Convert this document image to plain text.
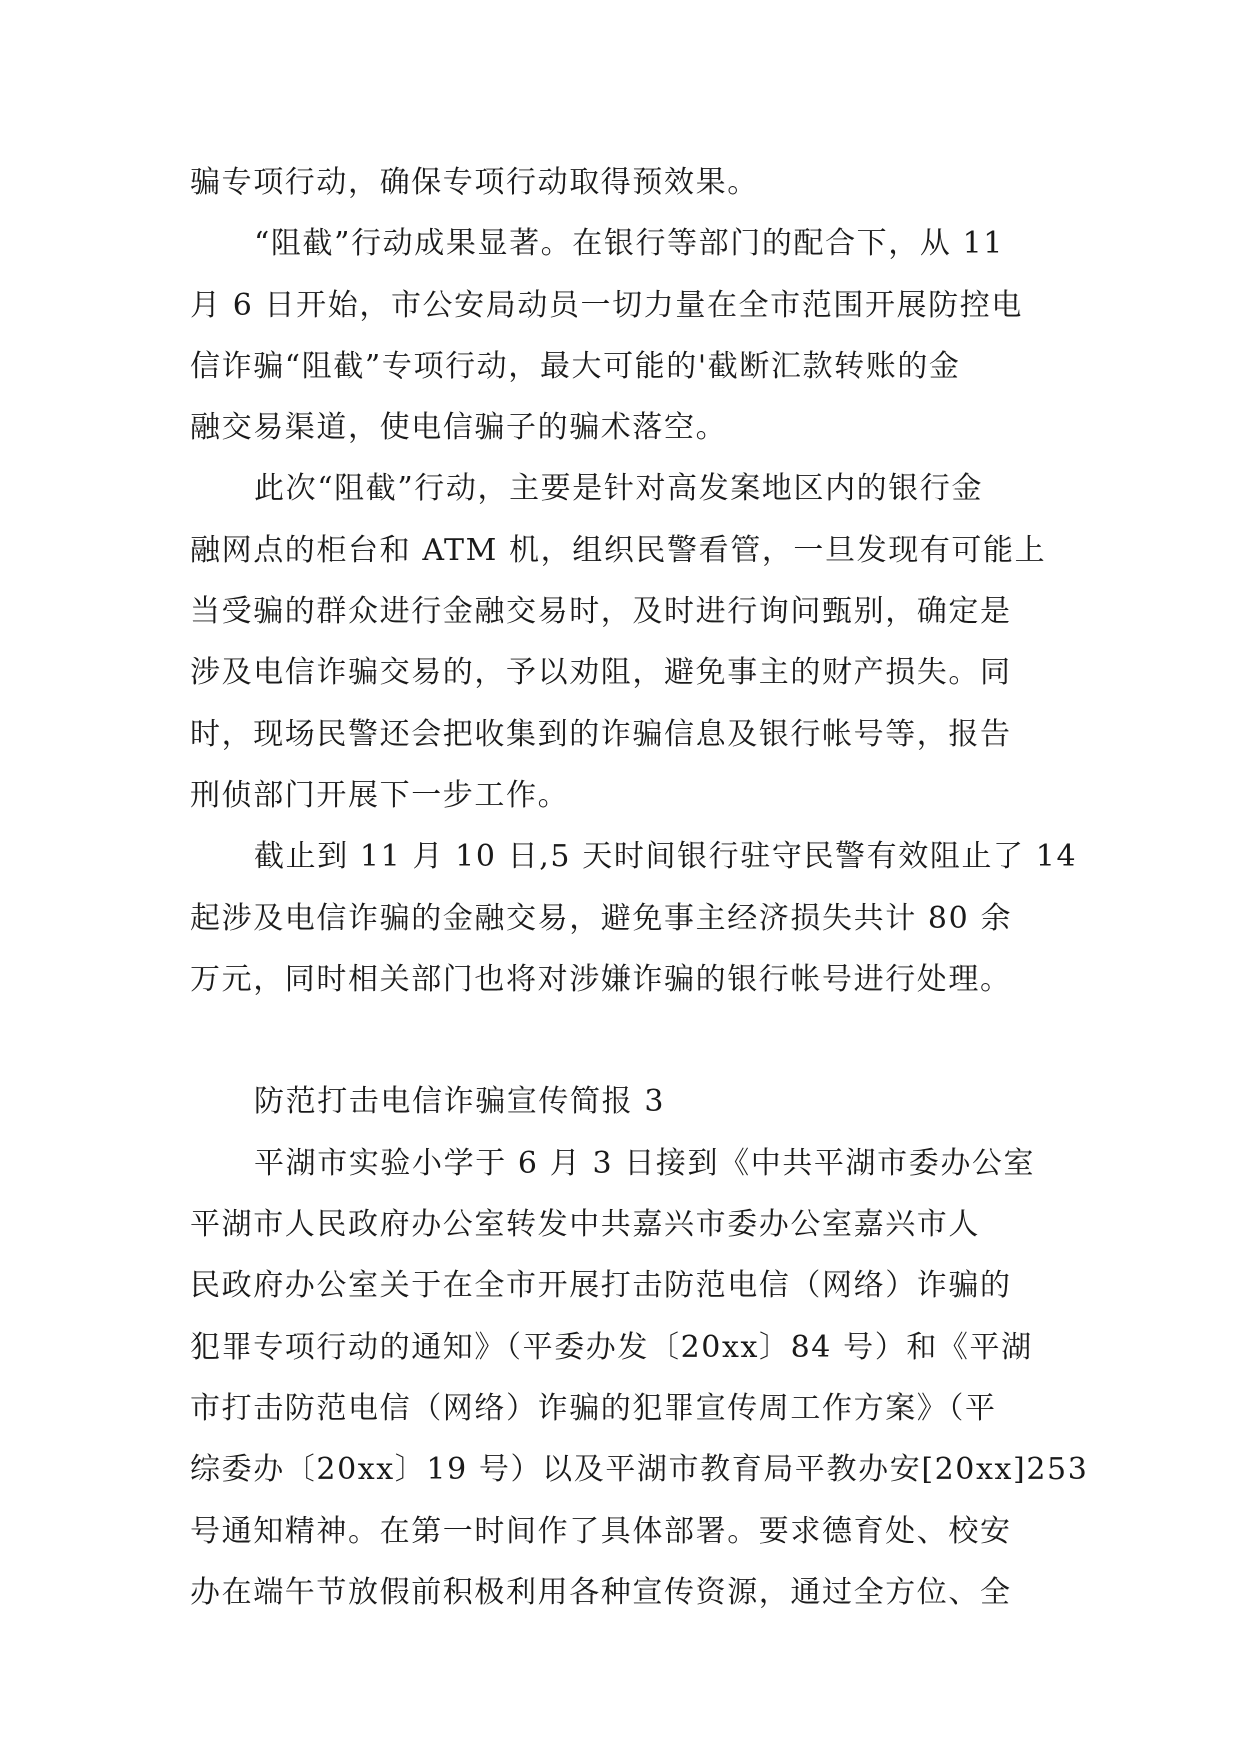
骗专项行动，确保专项行动取得预效果。
“阻截”行动成果显著。在银行等部门的配合下，从 11
月 6 日开始，市公安局动员一切力量在全市范围开展防控电
信诈骗“阻截”专项行动，最大可能的'截断汇款转账的金
融交易渠道，使电信骗子的骗术落空。
此次“阻截”行动，主要是针对高发案地区内的银行金
融网点的柜台和 ATM 机，组织民警看管，一旦发现有可能上
当受骗的群众进行金融交易时，及时进行询问甄别，确定是
涉及电信诈骗交易的，予以劝阻，避免事主的财产损失。同
时，现场民警还会把收集到的诈骗信息及银行帐号等，报告
刑侦部门开展下一步工作。
截止到 11 月 10 日,5 天时间银行驻守民警有效阻止了 14
起涉及电信诈骗的金融交易，避免事主经济损失共计 80 余
万元，同时相关部门也将对涉嫌诈骗的银行帐号进行处理。
防范打击电信诈骗宣传简报 3
平湖市实验小学于 6 月 3 日接到《中共平湖市委办公室
平湖市人民政府办公室转发中共嘉兴市委办公室嘉兴市人
民政府办公室关于在全市开展打击防范电信（网络）诈骗的
犯罪专项行动的通知》（平委办发〔20xx〕84 号）和《平湖
市打击防范电信（网络）诈骗的犯罪宣传周工作方案》（平
综委办〔20xx〕19 号）以及平湖市教育局平教办安[20xx]253
号通知精神。在第一时间作了具体部署。要求德育处、校安
办在端午节放假前积极利用各种宣传资源，通过全方位、全
